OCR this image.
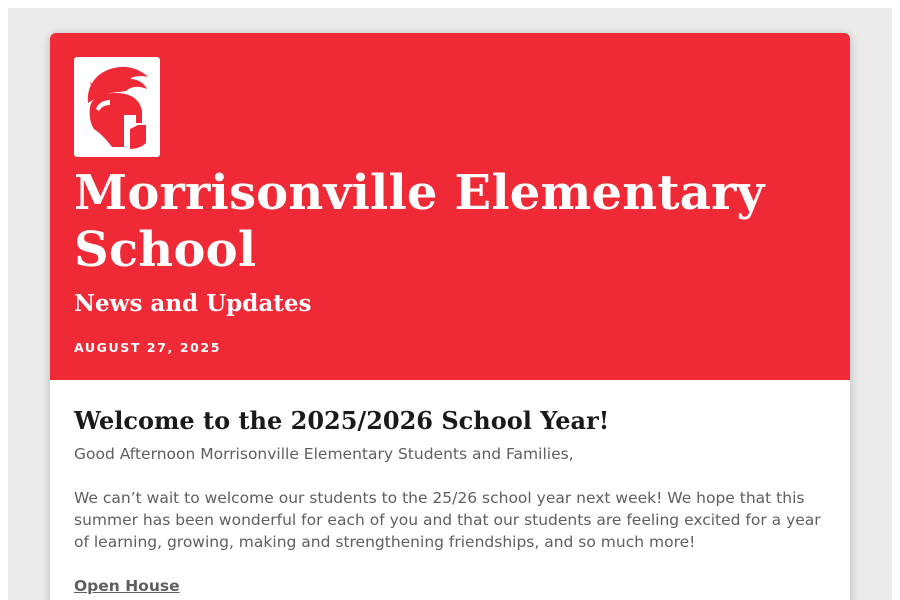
Morrisonville Elementary School
News and Updates
AUGUST 27, 2025
Welcome to the 2025/2026 School Year!

Good Afternoon Morrisonville Elementary Students and Families,

We can’t wait to welcome our students to the 25/26 school year next week! We hope that this summer has been wonderful for each of you and that our students are feeling excited for a year of learning, growing, making and strengthening friendships, and so much more!

Open House
